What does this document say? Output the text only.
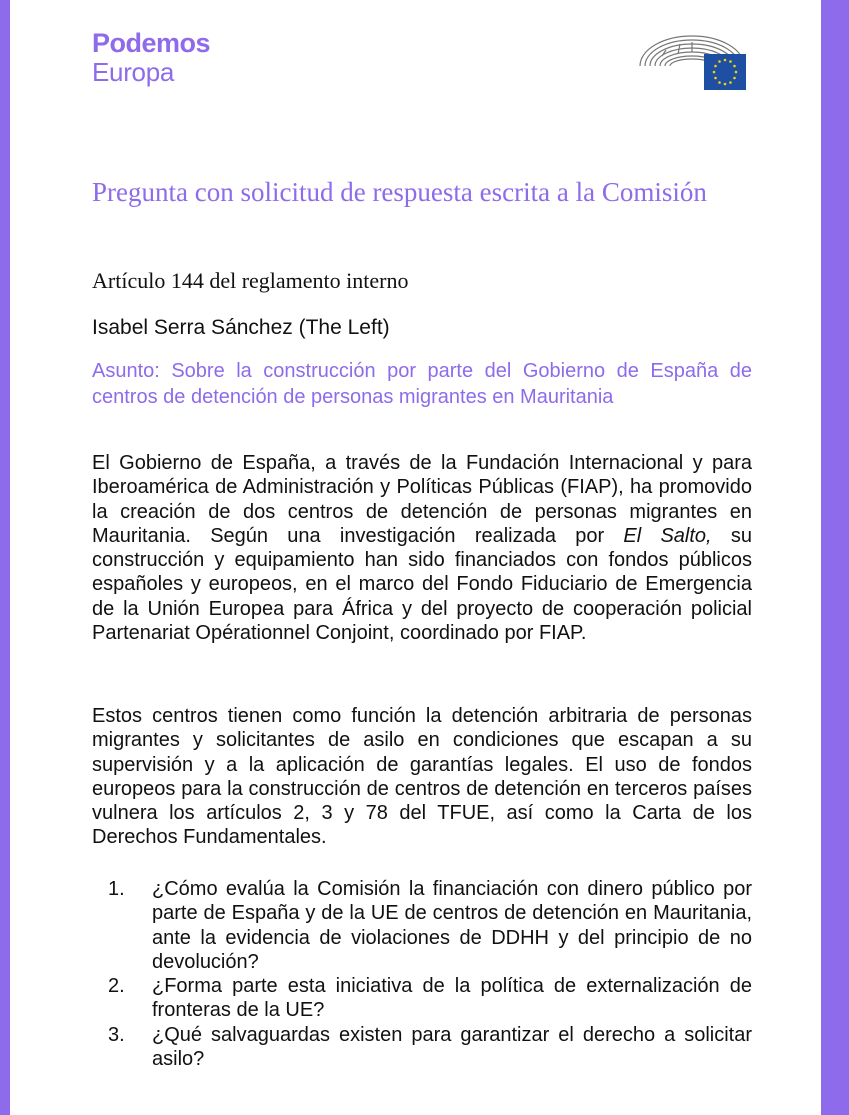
Podemos
Europa
Pregunta con solicitud de respuesta escrita a la Comisión
Artículo 144 del reglamento interno
Isabel Serra Sánchez (The Left)
Asunto: Sobre la construcción por parte del Gobierno de España de centros de detención de personas migrantes en Mauritania
El Gobierno de España, a través de la Fundación Internacional y para Iberoamérica de Administración y Políticas Públicas (FIAP), ha promovido la creación de dos centros de detención de personas migrantes en Mauritania. Según una investigación realizada por El Salto, su construcción y equipamiento han sido financiados con fondos públicos españoles y europeos, en el marco del Fondo Fiduciario de Emergencia de la Unión Europea para África y del proyecto de cooperación policial Partenariat Opérationnel Conjoint, coordinado por FIAP.
Estos centros tienen como función la detención arbitraria de personas migrantes y solicitantes de asilo en condiciones que escapan a su supervisión y a la aplicación de garantías legales. El uso de fondos europeos para la construcción de centros de detención en terceros países vulnera los artículos 2, 3 y 78 del TFUE, así como la Carta de los Derechos Fundamentales.
1. ¿Cómo evalúa la Comisión la financiación con dinero público por parte de España y de la UE de centros de detención en Mauritania, ante la evidencia de violaciones de DDHH y del principio de no devolución?
2. ¿Forma parte esta iniciativa de la política de externalización de fronteras de la UE?
3. ¿Qué salvaguardas existen para garantizar el derecho a solicitar asilo?
